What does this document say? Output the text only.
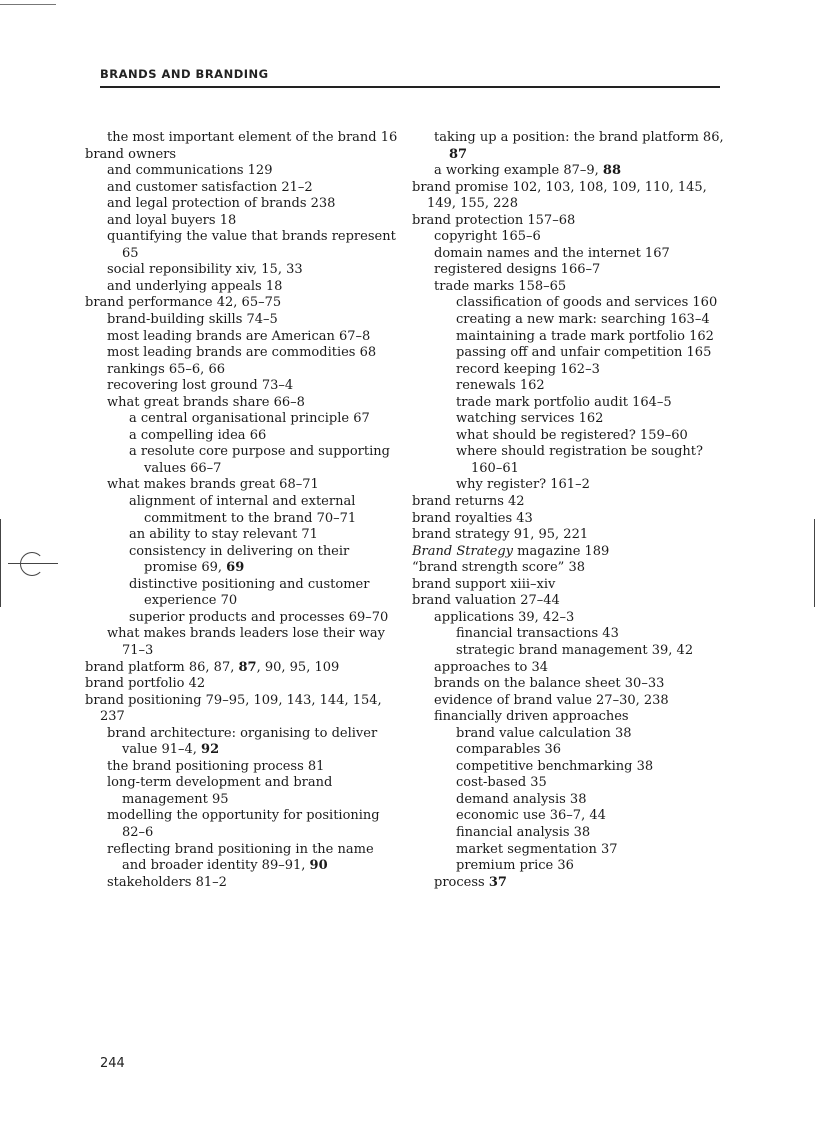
BRANDS AND BRANDING
the most important element of the brand 16
brand owners
and communications 129
and customer satisfaction 21–2
and legal protection of brands 238
and loyal buyers 18
quantifying the value that brands represent 65
social reponsibility xiv, 15, 33
and underlying appeals 18
brand performance 42, 65–75
brand-building skills 74–5
most leading brands are American 67–8
most leading brands are commodities 68
rankings 65–6, 66
recovering lost ground 73–4
what great brands share 66–8
a central organisational principle 67
a compelling idea 66
a resolute core purpose and supporting values 66–7
what makes brands great 68–71
alignment of internal and external commitment to the brand 70–71
an ability to stay relevant 71
consistency in delivering on their promise 69, 69
distinctive positioning and customer experience 70
superior products and processes 69–70
what makes brands leaders lose their way 71–3
brand platform 86, 87, 87, 90, 95, 109
brand portfolio 42
brand positioning 79–95, 109, 143, 144, 154, 237
brand architecture: organising to deliver value 91–4, 92
the brand positioning process 81
long-term development and brand management 95
modelling the opportunity for positioning 82–6
reflecting brand positioning in the name and broader identity 89–91, 90
stakeholders 81–2
taking up a position: the brand platform 86, 87
a working example 87–9, 88
brand promise 102, 103, 108, 109, 110, 145, 149, 155, 228
brand protection 157–68
copyright 165–6
domain names and the internet 167
registered designs 166–7
trade marks 158–65
classification of goods and services 160
creating a new mark: searching 163–4
maintaining a trade mark portfolio 162
passing off and unfair competition 165
record keeping 162–3
renewals 162
trade mark portfolio audit 164–5
watching services 162
what should be registered? 159–60
where should registration be sought? 160–61
why register? 161–2
brand returns 42
brand royalties 43
brand strategy 91, 95, 221
Brand Strategy magazine 189
“brand strength score” 38
brand support xiii–xiv
brand valuation 27–44
applications 39, 42–3
financial transactions 43
strategic brand management 39, 42
approaches to 34
brands on the balance sheet 30–33
evidence of brand value 27–30, 238
financially driven approaches
brand value calculation 38
comparables 36
competitive benchmarking 38
cost-based 35
demand analysis 38
economic use 36–7, 44
financial analysis 38
market segmentation 37
premium price 36
process 37
244
